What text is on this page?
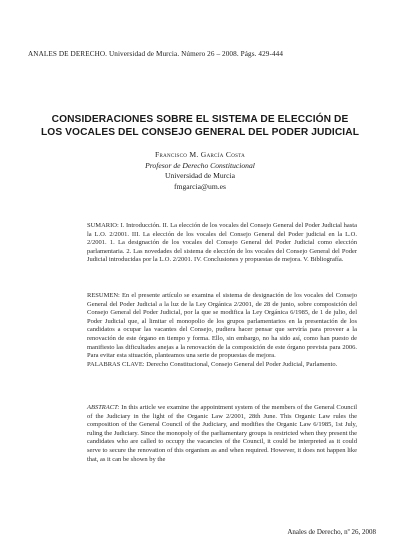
ANALES DE DERECHO. Universidad de Murcia. Número 26 – 2008. Págs. 429-444
CONSIDERACIONES SOBRE EL SISTEMA DE ELECCIÓN DE
LOS VOCALES DEL CONSEJO GENERAL DEL PODER JUDICIAL
Francisco M. García Costa
Profesor de Derecho Constitucional
Universidad de Murcia
fmgarcia@um.es

SUMARIO: I. Introducción. II. La elección de los vocales del Consejo General del Poder Judicial hasta la L.O. 2/2001. III. La elección de los vocales del Consejo General del Poder judicial en la L.O. 2/2001. 1. La designación de los vocales del Consejo General del Poder Judicial como elección parlamentaria. 2. Las novedades del sistema de elección de los vocales del Consejo General del Poder Judicial introducidas por la L.O. 2/2001. IV. Conclusiones y propuestas de mejora. V. Bibliografía.

RESUMEN: En el presente artículo se examina el sistema de designación de los vocales del Consejo General del Poder Judicial a la luz de la Ley Orgánica 2/2001, de 28 de junio, sobre composición del Consejo General del Poder Judicial, por la que se modifica la Ley Orgánica 6/1985, de 1 de julio, del Poder Judicial que, al limitar el monopolio de los grupos parlamentarios en la presentación de los candidatos a ocupar las vacantes del Consejo, pudiera hacer pensar que serviría para proveer a la renovación de este órgano en tiempo y forma. Ello, sin embargo, no ha sido así, como han puesto de manifiesto las dificultades anejas a la renovación de la composición de este órgano prevista para 2006. Para evitar esta situación, planteamos una serie de propuestas de mejora.

PALABRAS CLAVE: Derecho Constitucional, Consejo General del Poder Judicial, Parlamento.

ABSTRACT: In this article we examine the appointment system of the members of the General Council of the Judiciary in the light of the Organic Law 2/2001, 28th June. This Organic Law rules the composition of the General Council of the Judiciary, and modifies the Organic Law 6/1985, 1st July, ruling the Judiciary. Since the monopoly of the parliamentary groups is restricted when they present the candidates who are called to occupy the vacancies of the Council, it could be interpreted as it could serve to secure the renovation of this organism as and when required. However, it does not happen like that, as it can be shown by the

Anales de Derecho, nº 26, 2008
